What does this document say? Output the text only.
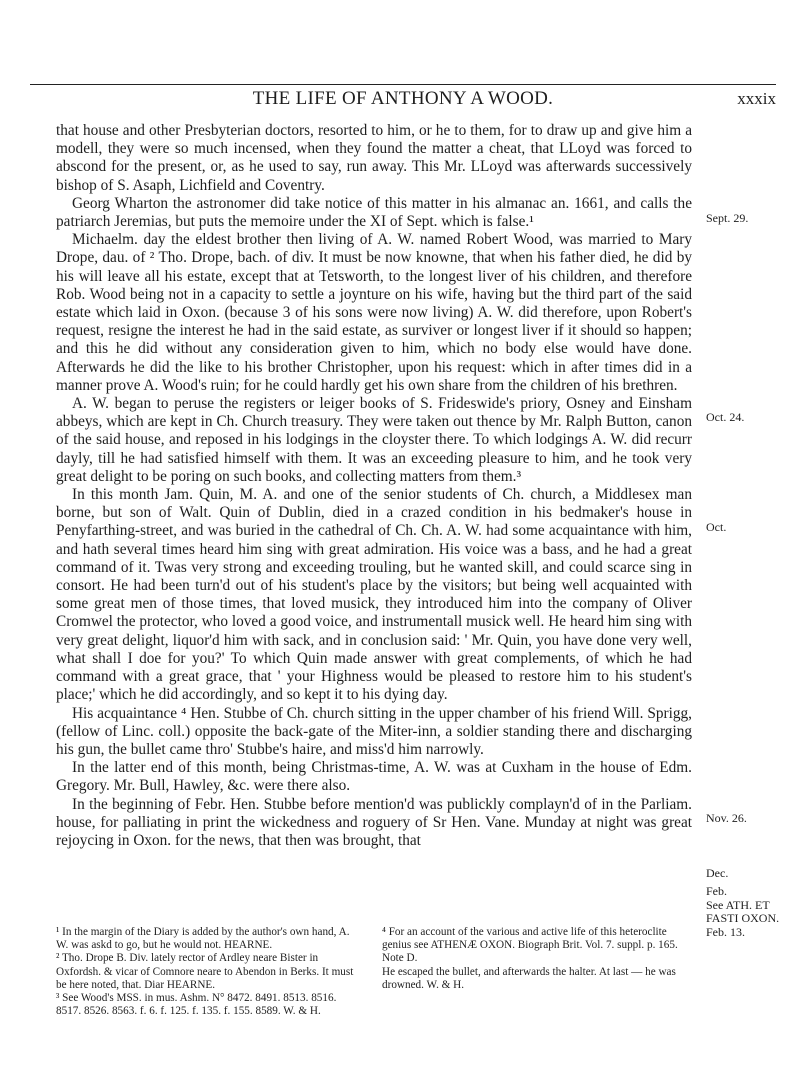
THE LIFE OF ANTHONY A WOOD.	xxxix

that house and other Presbyterian doctors, resorted to him, or he to them, for to draw up and give him a modell, they were so much incensed, when they found the matter a cheat, that LLoyd was forced to abscond for the present, or, as he used to say, run away. This Mr. LLoyd was afterwards successively bishop of S. Asaph, Lichfield and Coventry.

Georg Wharton the astronomer did take notice of this matter in his almanac an. 1661, and calls the patriarch Jeremias, but puts the memoire under the XI of Sept. which is false.¹

Michaelm. day the eldest brother then living of A. W. named Robert Wood, was married to Mary Drope, dau. of ² Tho. Drope, bach. of div. It must be now knowne, that when his father died, he did by his will leave all his estate, except that at Tetsworth, to the longest liver of his children, and therefore Rob. Wood being not in a capacity to settle a joynture on his wife, having but the third part of the said estate which laid in Oxon. (because 3 of his sons were now living) A. W. did therefore, upon Robert's request, resigne the interest he had in the said estate, as surviver or longest liver if it should so happen; and this he did without any consideration given to him, which no body else would have done. Afterwards he did the like to his brother Christopher, upon his request: which in after times did in a manner prove A. Wood's ruin; for he could hardly get his own share from the children of his brethren.

A. W. began to peruse the registers or leiger books of S. Frideswide's priory, Osney and Einsham abbeys, which are kept in Ch. Church treasury. They were taken out thence by Mr. Ralph Button, canon of the said house, and reposed in his lodgings in the cloyster there. To which lodgings A. W. did recurr dayly, till he had satisfied himself with them. It was an exceeding pleasure to him, and he took very great delight to be poring on such books, and collecting matters from them.³

In this month Jam. Quin, M. A. and one of the senior students of Ch. church, a Middlesex man borne, but son of Walt. Quin of Dublin, died in a crazed condition in his bedmaker's house in Penyfarthing-street, and was buried in the cathedral of Ch. Ch. A. W. had some acquaintance with him, and hath several times heard him sing with great admiration. His voice was a bass, and he had a great command of it. Twas very strong and exceeding trouling, but he wanted skill, and could scarce sing in consort. He had been turn'd out of his student's place by the visitors; but being well acquainted with some great men of those times, that loved musick, they introduced him into the company of Oliver Cromwel the protector, who loved a good voice, and instrumentall musick well. He heard him sing with very great delight, liquor'd him with sack, and in conclusion said: ' Mr. Quin, you have done very well, what shall I doe for you?' To which Quin made answer with great complements, of which he had command with a great grace, that ' your Highness would be pleased to restore him to his student's place;' which he did accordingly, and so kept it to his dying day.

His acquaintance ⁴ Hen. Stubbe of Ch. church sitting in the upper chamber of his friend Will. Sprigg, (fellow of Linc. coll.) opposite the back-gate of the Miter-inn, a soldier standing there and discharging his gun, the bullet came thro' Stubbe's haire, and miss'd him narrowly.

In the latter end of this month, being Christmas-time, A. W. was at Cuxham in the house of Edm. Gregory. Mr. Bull, Hawley, &c. were there also.

In the beginning of Febr. Hen. Stubbe before mention'd was publickly complayn'd of in the Parliam. house, for palliating in print the wickedness and roguery of Sr Hen. Vane. Munday at night was great rejoycing in Oxon. for the news, that then was brought, that

Sept. 29.
Oct. 24.
Oct.
Nov. 26.
Dec.
Feb.
See ATH. ET FASTI OXON.
Feb. 13.

¹ In the margin of the Diary is added by the author's own hand, A. W. was askd to go, but he would not. HEARNE.

² Tho. Drope B. Div. lately rector of Ardley neare Bister in Oxfordsh. & vicar of Comnore neare to Abendon in Berks. It must be here noted, that. Diar HEARNE.

³ See Wood's MSS. in mus. Ashm. N° 8472. 8491. 8513. 8516. 8517. 8526. 8563. f. 6. f. 125. f. 135. f. 155. 8589. W. & H.

⁴ For an account of the various and active life of this heteroclite genius see ATHENÆ OXON. Biograph Brit. Vol. 7. suppl. p. 165. Note D.

He escaped the bullet, and afterwards the halter. At last — he was drowned. W. & H.
